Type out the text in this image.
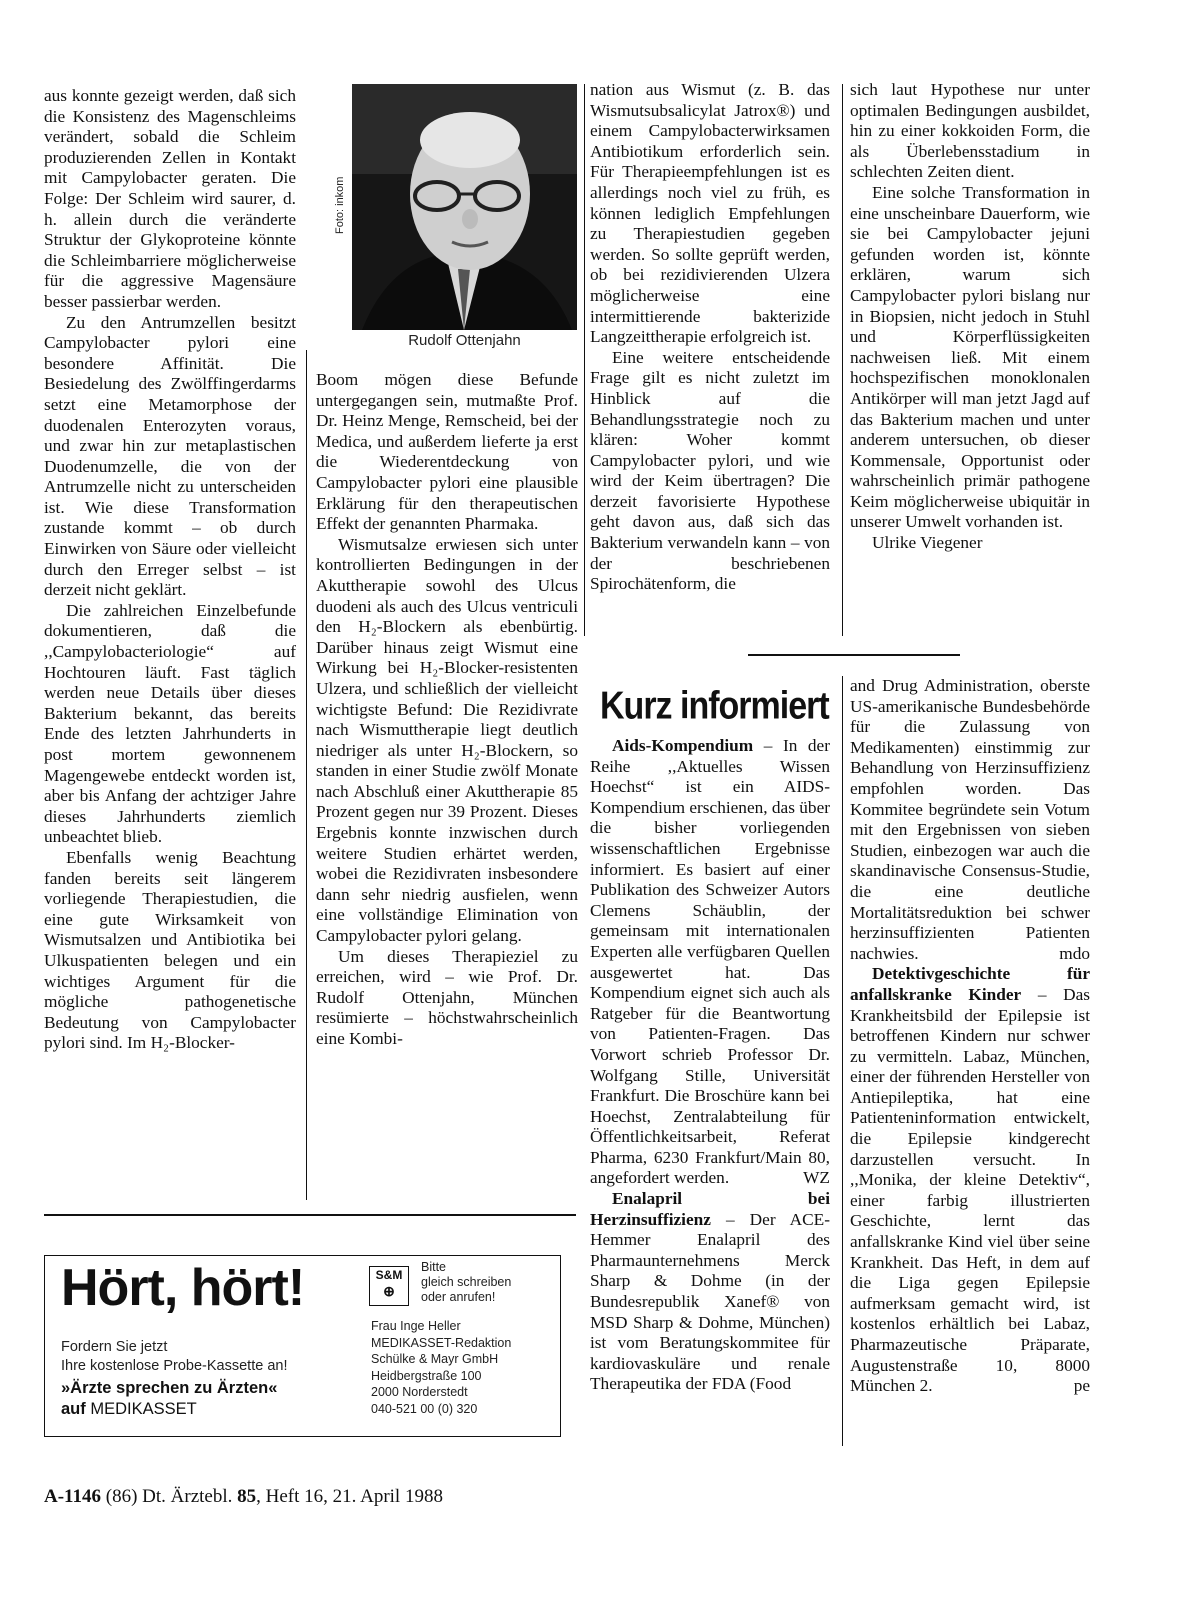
aus konnte gezeigt werden, daß sich die Konsistenz des Magenschleims verändert, sobald die Schleim produzierenden Zellen in Kontakt mit Campylobacter geraten. Die Folge: Der Schleim wird saurer, d. h. allein durch die veränderte Struktur der Glykoproteine könnte die Schleimbarriere möglicherweise für die aggressive Magensäure besser passierbar werden.

Zu den Antrumzellen besitzt Campylobacter pylori eine besondere Affinität. Die Besiedelung des Zwölffingerdarms setzt eine Metamorphose der duodenalen Enterozyten voraus, und zwar hin zur metaplastischen Duodenumzelle, die von der Antrumzelle nicht zu unterscheiden ist. Wie diese Transformation zustande kommt – ob durch Einwirken von Säure oder vielleicht durch den Erreger selbst – ist derzeit nicht geklärt.

Die zahlreichen Einzelbefunde dokumentieren, daß die ,,Campylobacteriologie“ auf Hochtouren läuft. Fast täglich werden neue Details über dieses Bakterium bekannt, das bereits Ende des letzten Jahrhunderts in post mortem gewonnenem Magengewebe entdeckt worden ist, aber bis Anfang der achtziger Jahre dieses Jahrhunderts ziemlich unbeachtet blieb.

Ebenfalls wenig Beachtung fanden bereits seit längerem vorliegende Therapiestudien, die eine gute Wirksamkeit von Wismutsalzen und Antibiotika bei Ulkuspatienten belegen und ein wichtiges Argument für die mögliche pathogenetische Bedeutung von Campylobacter pylori sind. Im H₂-Blocker-

Foto: inkom
Rudolf Ottenjahn

Boom mögen diese Befunde untergegangen sein, mutmaßte Prof. Dr. Heinz Menge, Remscheid, bei der Medica, und außerdem lieferte ja erst die Wiederentdeckung von Campylobacter pylori eine plausible Erklärung für den therapeutischen Effekt der genannten Pharmaka.

Wismutsalze erwiesen sich unter kontrollierten Bedingungen in der Akuttherapie sowohl des Ulcus duodeni als auch des Ulcus ventriculi den H₂-Blockern als ebenbürtig. Darüber hinaus zeigt Wismut eine Wirkung bei H₂-Blocker-resistenten Ulzera, und schließlich der vielleicht wichtigste Befund: Die Rezidivrate nach Wismuttherapie liegt deutlich niedriger als unter H₂-Blockern, so standen in einer Studie zwölf Monate nach Abschluß einer Akuttherapie 85 Prozent gegen nur 39 Prozent. Dieses Ergebnis konnte inzwischen durch weitere Studien erhärtet werden, wobei die Rezidivraten insbesondere dann sehr niedrig ausfielen, wenn eine vollständige Elimination von Campylobacter pylori gelang.

Um dieses Therapieziel zu erreichen, wird – wie Prof. Dr. Rudolf Ottenjahn, München resümierte – höchstwahrscheinlich eine Kombi-

nation aus Wismut (z. B. das Wismutsubsalicylat Jatrox®) und einem Campylobacterwirksamen Antibiotikum erforderlich sein. Für Therapieempfehlungen ist es allerdings noch viel zu früh, es können lediglich Empfehlungen zu Therapiestudien gegeben werden. So sollte geprüft werden, ob bei rezidivierenden Ulzera möglicherweise eine intermittierende bakterizide Langzeittherapie erfolgreich ist.

Eine weitere entscheidende Frage gilt es nicht zuletzt im Hinblick auf die Behandlungsstrategie noch zu klären: Woher kommt Campylobacter pylori, und wie wird der Keim übertragen? Die derzeit favorisierte Hypothese geht davon aus, daß sich das Bakterium verwandeln kann – von der beschriebenen Spirochätenform, die

sich laut Hypothese nur unter optimalen Bedingungen ausbildet, hin zu einer kokkoiden Form, die als Überlebensstadium in schlechten Zeiten dient.

Eine solche Transformation in eine unscheinbare Dauerform, wie sie bei Campylobacter jejuni gefunden worden ist, könnte erklären, warum sich Campylobacter pylori bislang nur in Biopsien, nicht jedoch in Stuhl und Körperflüssigkeiten nachweisen ließ. Mit einem hochspezifischen monoklonalen Antikörper will man jetzt Jagd auf das Bakterium machen und unter anderem untersuchen, ob dieser Kommensale, Opportunist oder wahrscheinlich primär pathogene Keim möglicherweise ubiquitär in unserer Umwelt vorhanden ist.

Ulrike Viegener

Kurz informiert

Aids-Kompendium – In der Reihe ,,Aktuelles Wissen Hoechst“ ist ein AIDS-Kompendium erschienen, das über die bisher vorliegenden wissenschaftlichen Ergebnisse informiert. Es basiert auf einer Publikation des Schweizer Autors Clemens Schäublin, der gemeinsam mit internationalen Experten alle verfügbaren Quellen ausgewertet hat. Das Kompendium eignet sich auch als Ratgeber für die Beantwortung von Patienten-Fragen. Das Vorwort schrieb Professor Dr. Wolfgang Stille, Universität Frankfurt. Die Broschüre kann bei Hoechst, Zentralabteilung für Öffentlichkeitsarbeit, Referat Pharma, 6230 Frankfurt/Main 80, angefordert werden.	WZ

Enalapril bei Herzinsuffizienz – Der ACE-Hemmer Enalapril des Pharmaunternehmens Merck Sharp & Dohme (in der Bundesrepublik Xanef® von MSD Sharp & Dohme, München) ist vom Beratungskommitee für kardiovaskuläre und renale Therapeutika der FDA (Food

and Drug Administration, oberste US-amerikanische Bundesbehörde für die Zulassung von Medikamenten) einstimmig zur Behandlung von Herzinsuffizienz empfohlen worden. Das Kommitee begründete sein Votum mit den Ergebnissen von sieben Studien, einbezogen war auch die skandinavische Consensus-Studie, die eine deutliche Mortalitätsreduktion bei schwer herzinsuffizienten Patienten nachwies.	mdo

Detektivgeschichte für anfallskranke Kinder – Das Krankheitsbild der Epilepsie ist betroffenen Kindern nur schwer zu vermitteln. Labaz, München, einer der führenden Hersteller von Antiepileptika, hat eine Patienteninformation entwickelt, die Epilepsie kindgerecht darzustellen versucht. In ,,Monika, der kleine Detektiv“, einer farbig illustrierten Geschichte, lernt das anfallskranke Kind viel über seine Krankheit. Das Heft, in dem auf die Liga gegen Epilepsie aufmerksam gemacht wird, ist kostenlos erhältlich bei Labaz, Pharmazeutische Präparate, Augustenstraße 10, 8000 München 2.	pe

Hört, hört!
Fordern Sie jetzt
Ihre kostenlose Probe-Kassette an!
»Ärzte sprechen zu Ärzten«
auf MEDIKASSET
S&M
⊕
Bitte
gleich schreiben
oder anrufen!
Frau Inge Heller
MEDIKASSET-Redaktion
Schülke & Mayr GmbH
Heidbergstraße 100
2000 Norderstedt
040-521 00 (0) 320
A-1146 (86) Dt. Ärztebl. 85, Heft 16, 21. April 1988
